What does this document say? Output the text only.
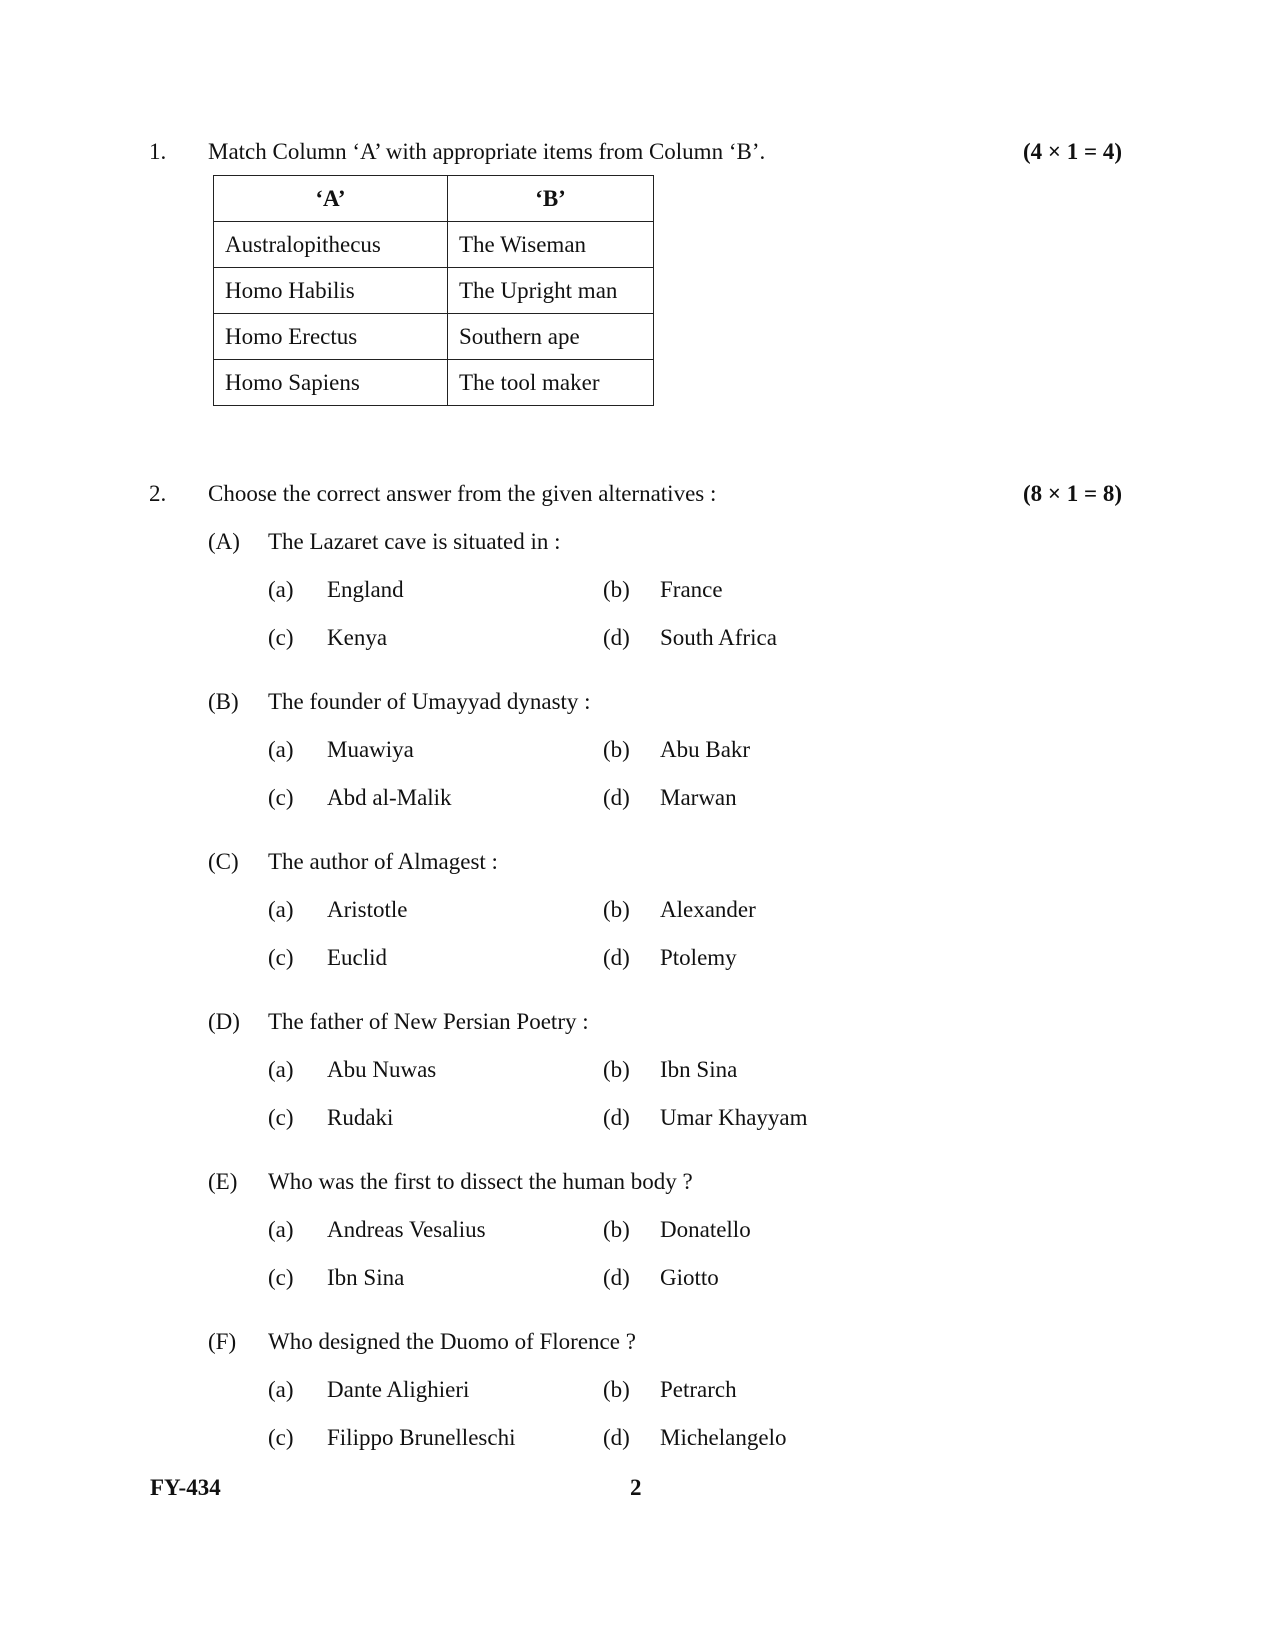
1. Match Column ‘A’ with appropriate items from Column ‘B’.	(4 × 1 = 4)
‘A’	‘B’
Australopithecus	The Wiseman
Homo Habilis	The Upright man
Homo Erectus	Southern ape
Homo Sapiens	The tool maker
2. Choose the correct answer from the given alternatives :	(8 × 1 = 8)
(A) The Lazaret cave is situated in :
(a) England	(b) France
(c) Kenya	(d) South Africa
(B) The founder of Umayyad dynasty :
(a) Muawiya	(b) Abu Bakr
(c) Abd al-Malik	(d) Marwan
(C) The author of Almagest :
(a) Aristotle	(b) Alexander
(c) Euclid	(d) Ptolemy
(D) The father of New Persian Poetry :
(a) Abu Nuwas	(b) Ibn Sina
(c) Rudaki	(d) Umar Khayyam
(E) Who was the first to dissect the human body ?
(a) Andreas Vesalius	(b) Donatello
(c) Ibn Sina	(d) Giotto
(F) Who designed the Duomo of Florence ?
(a) Dante Alighieri	(b) Petrarch
(c) Filippo Brunelleschi	(d) Michelangelo
FY-434	2
